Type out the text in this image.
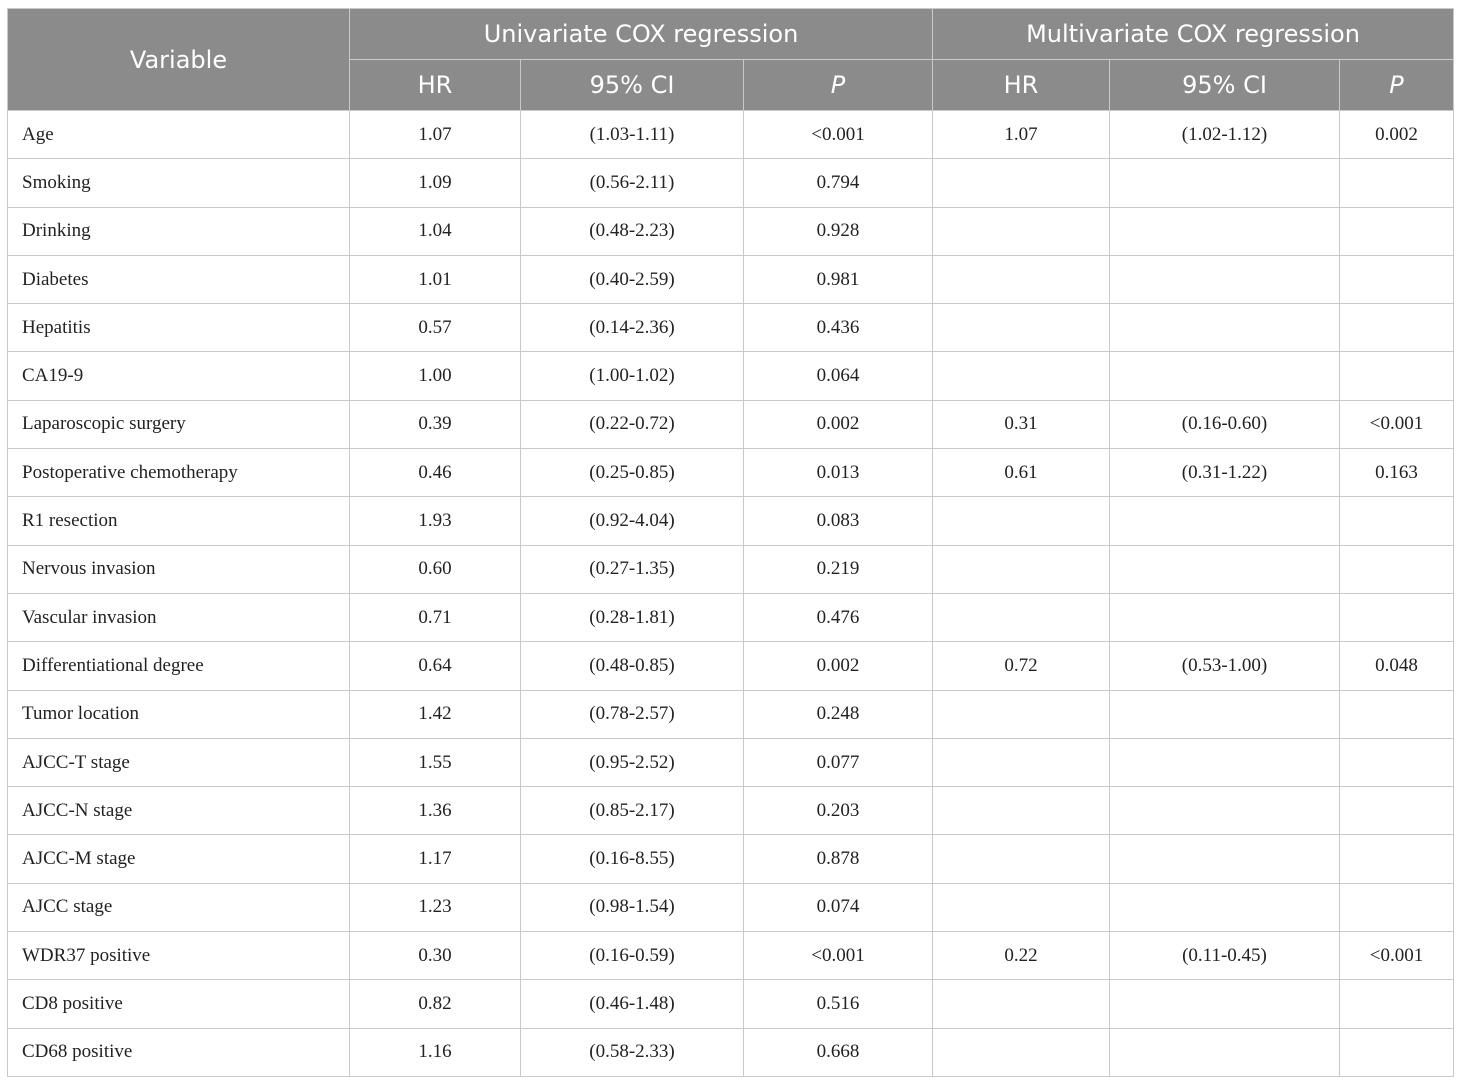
Variable	Univariate COX regression			Multivariate COX regression		
	HR	95% CI	P	HR	95% CI	P
Age	1.07	(1.03-1.11)	<0.001	1.07	(1.02-1.12)	0.002
Smoking	1.09	(0.56-2.11)	0.794			
Drinking	1.04	(0.48-2.23)	0.928			
Diabetes	1.01	(0.40-2.59)	0.981			
Hepatitis	0.57	(0.14-2.36)	0.436			
CA19-9	1.00	(1.00-1.02)	0.064			
Laparoscopic surgery	0.39	(0.22-0.72)	0.002	0.31	(0.16-0.60)	<0.001
Postoperative chemotherapy	0.46	(0.25-0.85)	0.013	0.61	(0.31-1.22)	0.163
R1 resection	1.93	(0.92-4.04)	0.083			
Nervous invasion	0.60	(0.27-1.35)	0.219			
Vascular invasion	0.71	(0.28-1.81)	0.476			
Differentiational degree	0.64	(0.48-0.85)	0.002	0.72	(0.53-1.00)	0.048
Tumor location	1.42	(0.78-2.57)	0.248			
AJCC-T stage	1.55	(0.95-2.52)	0.077			
AJCC-N stage	1.36	(0.85-2.17)	0.203			
AJCC-M stage	1.17	(0.16-8.55)	0.878			
AJCC stage	1.23	(0.98-1.54)	0.074			
WDR37 positive	0.30	(0.16-0.59)	<0.001	0.22	(0.11-0.45)	<0.001
CD8 positive	0.82	(0.46-1.48)	0.516			
CD68 positive	1.16	(0.58-2.33)	0.668			
